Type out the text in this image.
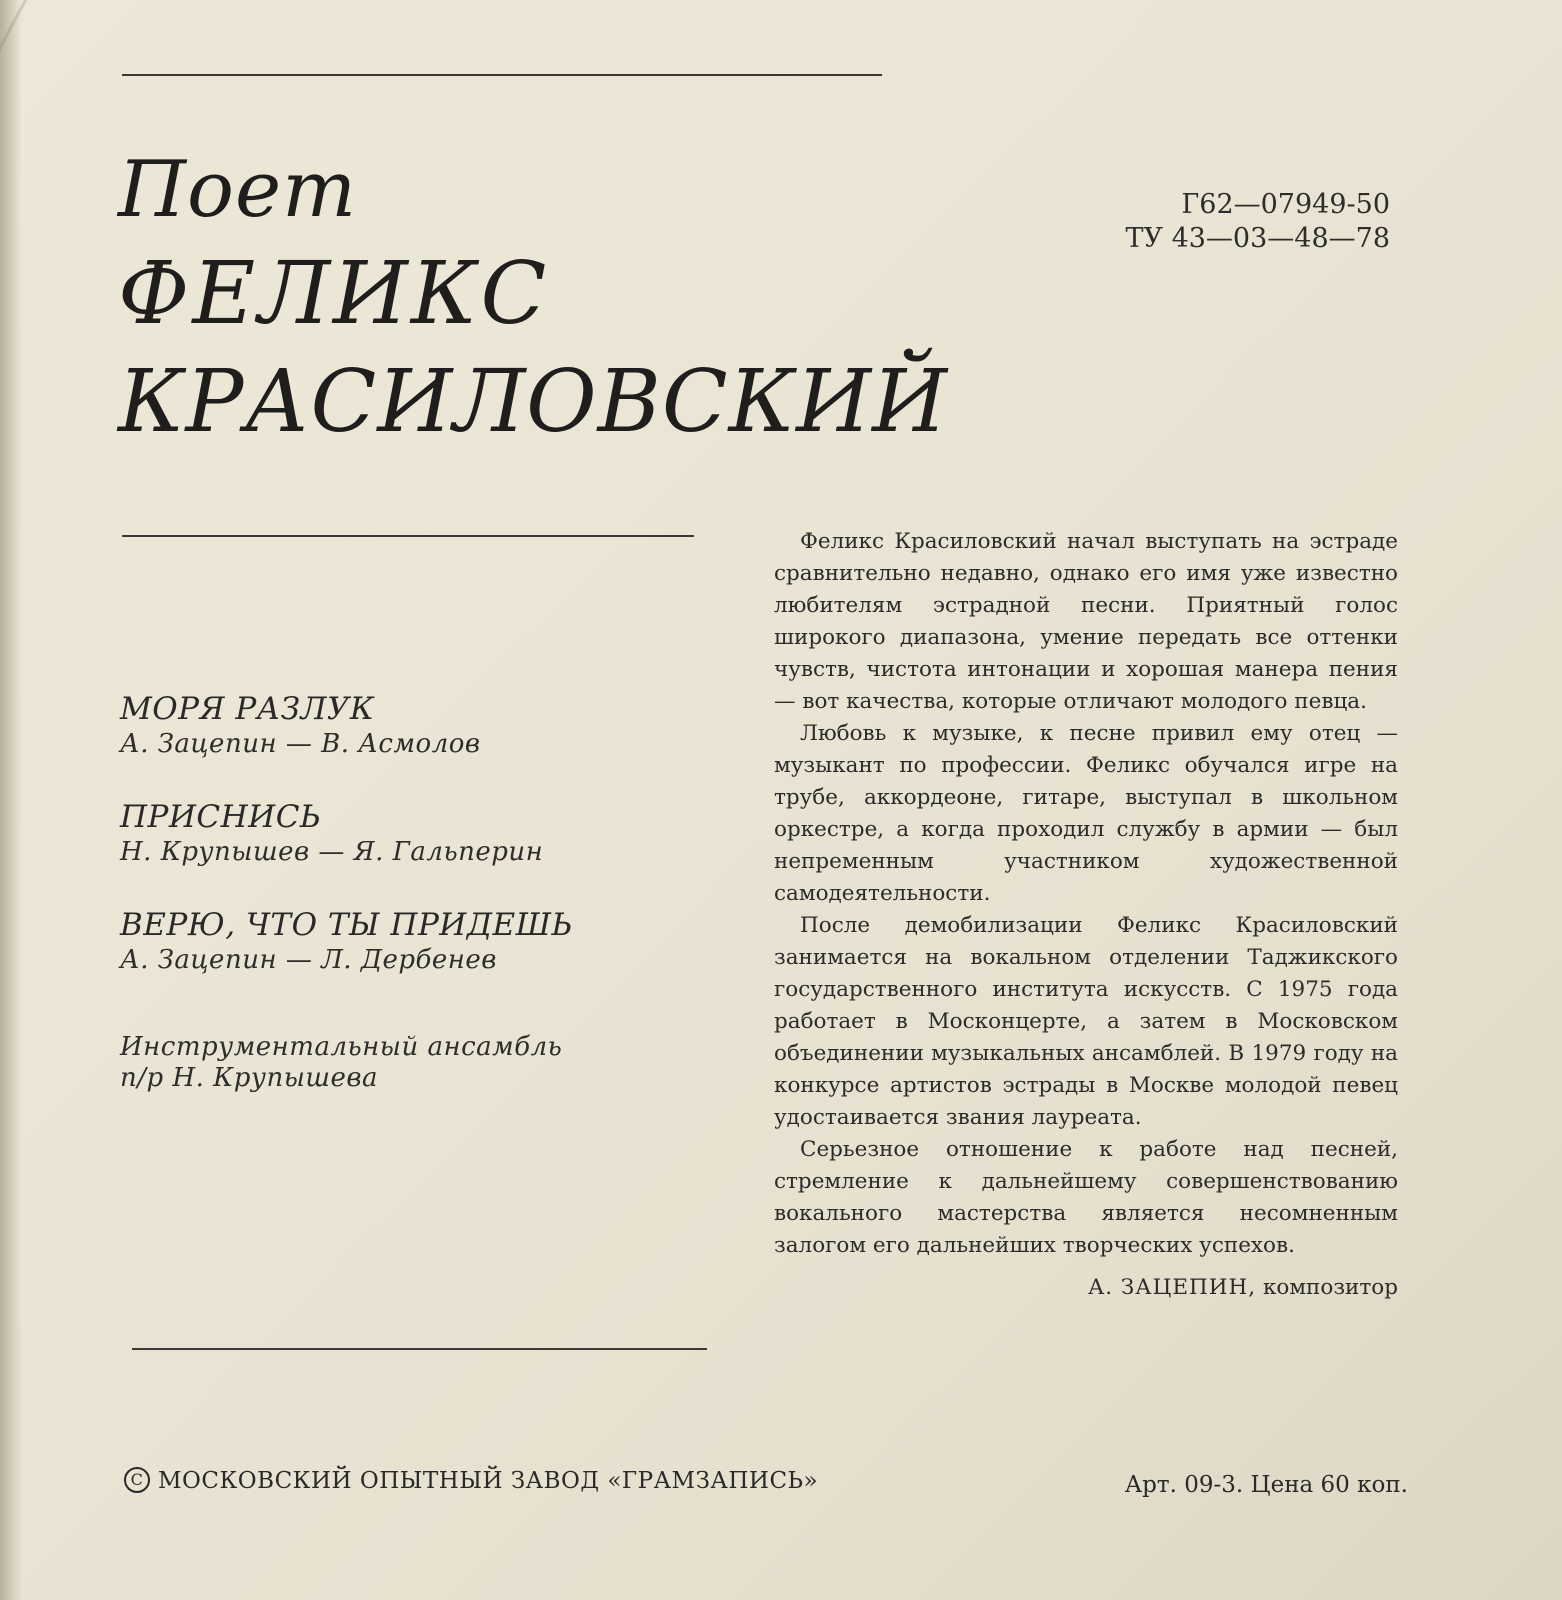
Поет
ФЕЛИКС
КРАСИЛОВСКИЙ
Г62—07949-50
ТУ 43—03—48—78
МОРЯ РАЗЛУК
А. Зацепин — В. Асмолов
ПРИСНИСЬ
Н. Крупышев — Я. Гальперин
ВЕРЮ, ЧТО ТЫ ПРИДЕШЬ
А. Зацепин — Л. Дербенев
Инструментальный ансамбль
п/р Н. Крупышева

Феликс Красиловский начал выступать на эстраде сравнительно недавно, однако его имя уже известно любителям эстрадной песни. Приятный голос широкого диапазона, умение передать все оттенки чувств, чистота интонации и хорошая манера пения — вот качества, которые отличают молодого певца.

Любовь к музыке, к песне привил ему отец — музыкант по профессии. Феликс обучался игре на трубе, аккордеоне, гитаре, выступал в школьном оркестре, а когда проходил службу в армии — был непременным участником художественной самодеятельности.

После демобилизации Феликс Красиловский занимается на вокальном отделении Таджикского государственного института искусств. С 1975 года работает в Москонцерте, а затем в Московском объединении музыкальных ансамблей. В 1979 году на конкурсе артистов эстрады в Москве молодой певец удостаивается звания лауреата.

Серьезное отношение к работе над песней, стремление к дальнейшему совершенствованию вокального мастерства является несомненным залогом его дальнейших творческих успехов.

А. ЗАЦЕПИН, композитор
C МОСКОВСКИЙ ОПЫТНЫЙ ЗАВОД «ГРАМЗАПИСЬ»	Арт. 09-3. Цена 60 коп.
